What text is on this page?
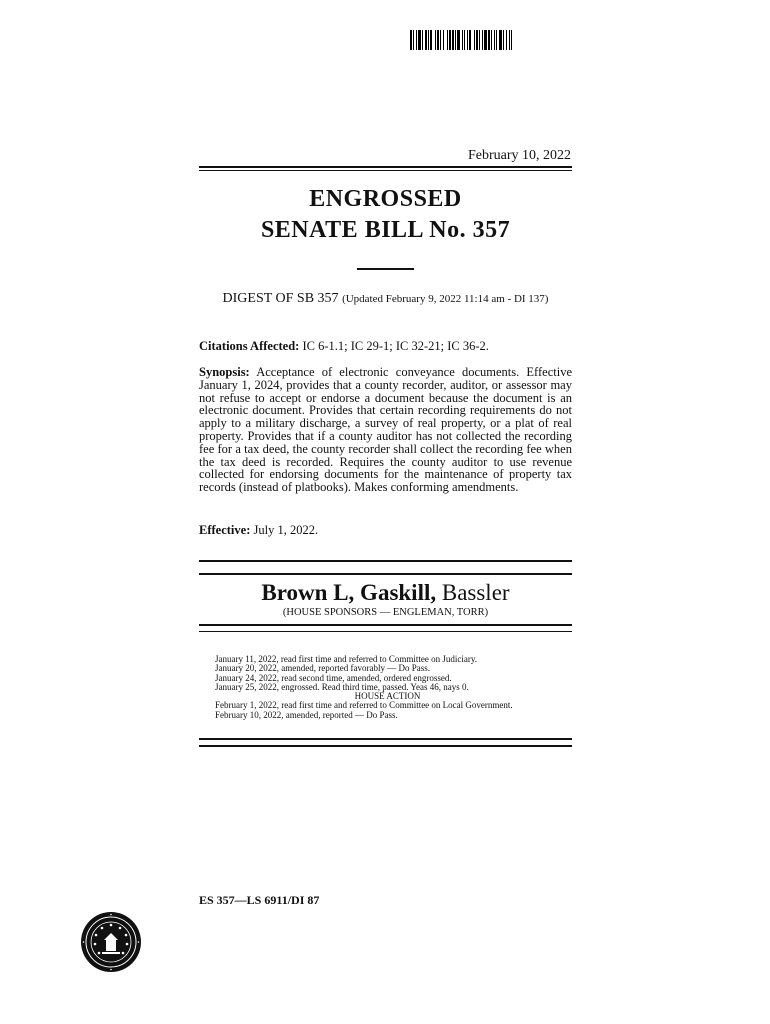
February 10, 2022
ENGROSSED
SENATE BILL No. 357
DIGEST OF SB 357 (Updated February 9, 2022 11:14 am - DI 137)
Citations Affected: IC 6-1.1; IC 29-1; IC 32-21; IC 36-2.
Synopsis: Acceptance of electronic conveyance documents. Effective January 1, 2024, provides that a county recorder, auditor, or assessor may not refuse to accept or endorse a document because the document is an electronic document. Provides that certain recording requirements do not apply to a military discharge, a survey of real property, or a plat of real property. Provides that if a county auditor has not collected the recording fee for a tax deed, the county recorder shall collect the recording fee when the tax deed is recorded. Requires the county auditor to use revenue collected for endorsing documents for the maintenance of property tax records (instead of platbooks). Makes conforming amendments.
Effective: July 1, 2022.
Brown L, Gaskill, Bassler
(HOUSE SPONSORS — ENGLEMAN, TORR)
January 11, 2022, read first time and referred to Committee on Judiciary.
January 20, 2022, amended, reported favorably — Do Pass.
January 24, 2022, read second time, amended, ordered engrossed.
January 25, 2022, engrossed. Read third time, passed. Yeas 46, nays 0.
HOUSE ACTION
February 1, 2022, read first time and referred to Committee on Local Government.
February 10, 2022, amended, reported — Do Pass.
ES 357—LS 6911/DI 87
